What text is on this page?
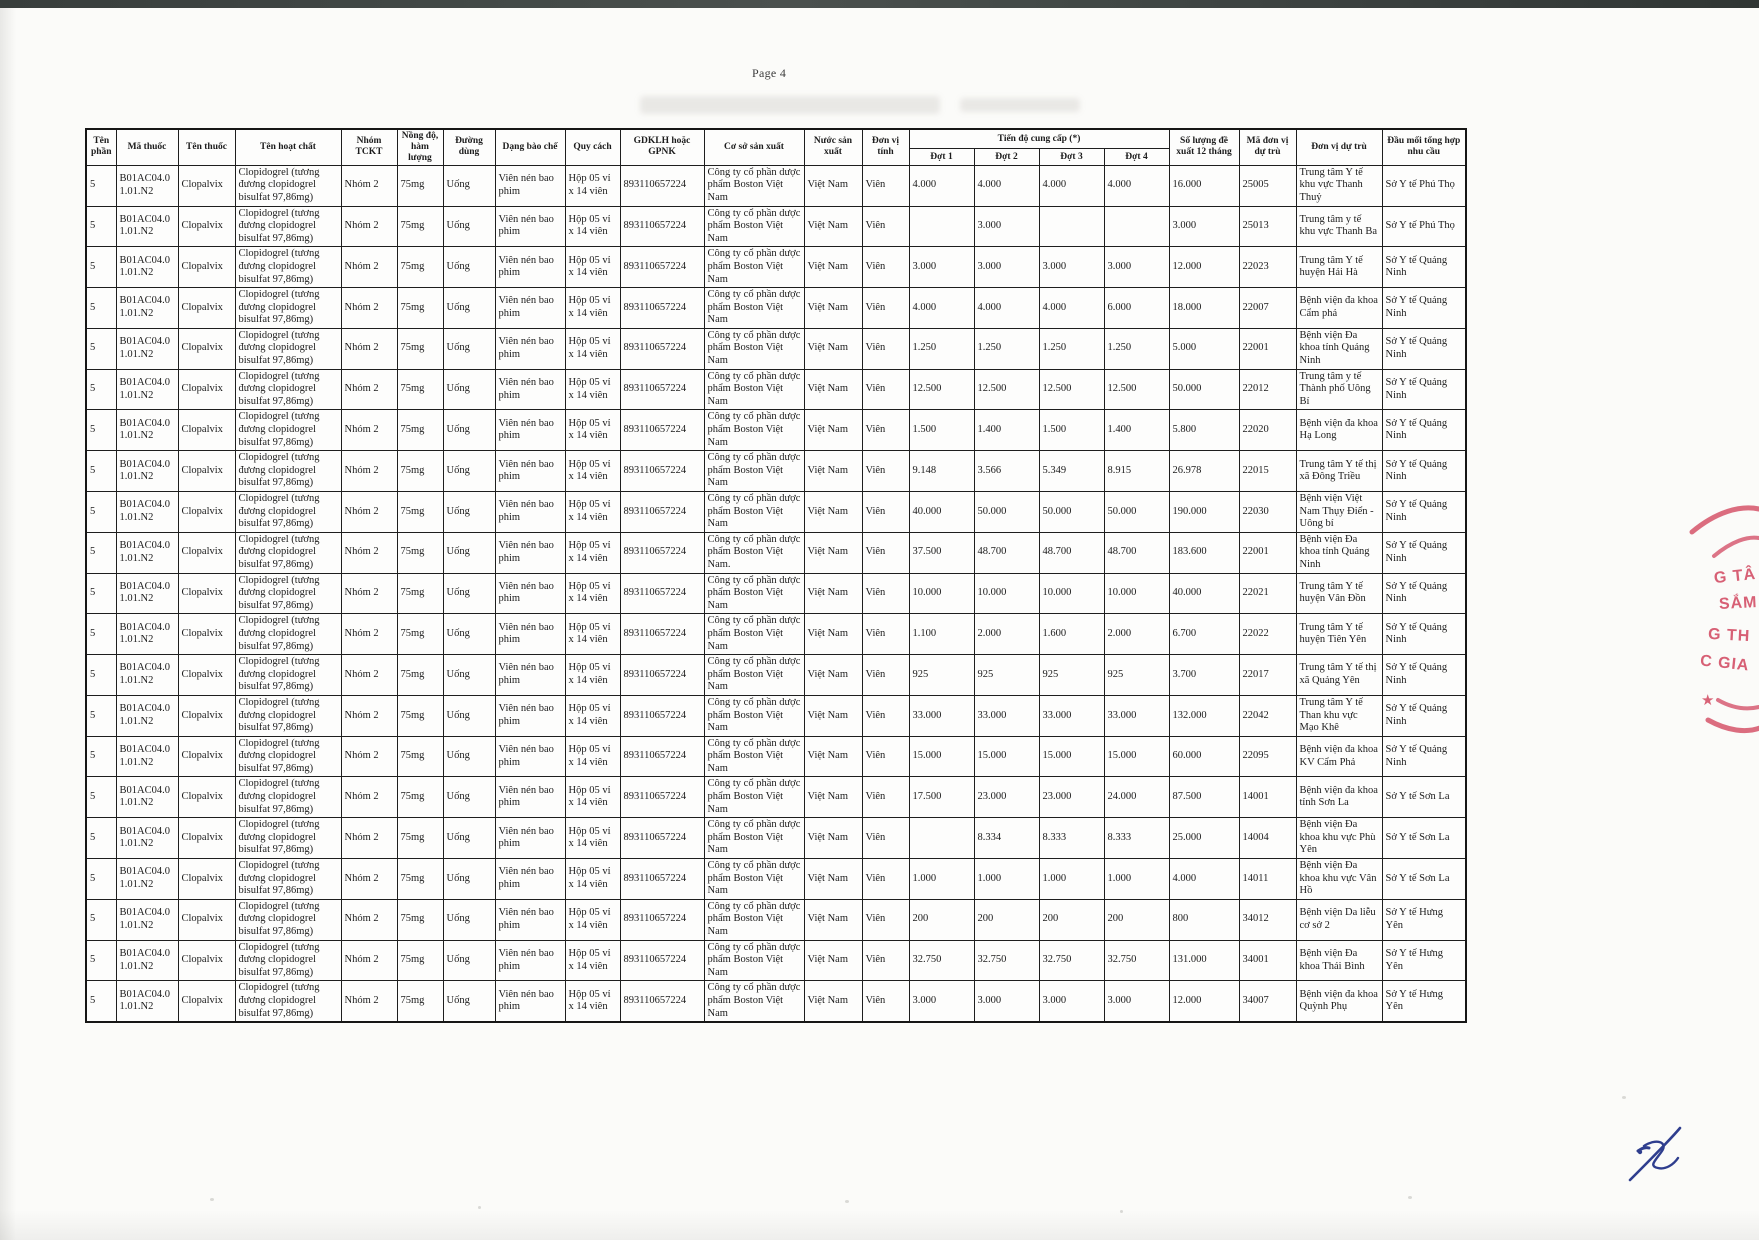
Page 4
Tên phần	Mã thuốc	Tên thuốc	Tên hoạt chất	Nhóm TCKT	Nồng độ, hàm lượng	Đường dùng	Dạng bào chế	Quy cách	GDKLH hoặc GPNK	Cơ sở sản xuất	Nước sản xuất	Đơn vị tính	Tiến độ cung cấp (*)				Số lượng đề xuất 12 tháng	Mã đơn vị dự trù	Đơn vị dự trù	Đầu mối tổng hợp nhu cầu
													Đợt 1	Đợt 2	Đợt 3	Đợt 4				
5	B01AC04.0 1.01.N2	Clopalvix	Clopidogrel (tương đương clopidogrel bisulfat 97,86mg)	Nhóm 2	75mg	Uống	Viên nén bao phim	Hộp 05 vỉ x 14 viên	893110657224	Công ty cổ phần dược phẩm Boston Việt Nam	Việt Nam	Viên	4.000	4.000	4.000	4.000	16.000	25005	Trung tâm Y tế khu vực Thanh Thuỷ	Sở Y tế Phú Thọ
5	B01AC04.0 1.01.N2	Clopalvix	Clopidogrel (tương đương clopidogrel bisulfat 97,86mg)	Nhóm 2	75mg	Uống	Viên nén bao phim	Hộp 05 vỉ x 14 viên	893110657224	Công ty cổ phần dược phẩm Boston Việt Nam	Việt Nam	Viên		3.000			3.000	25013	Trung tâm y tế khu vực Thanh Ba	Sở Y tế Phú Thọ
5	B01AC04.0 1.01.N2	Clopalvix	Clopidogrel (tương đương clopidogrel bisulfat 97,86mg)	Nhóm 2	75mg	Uống	Viên nén bao phim	Hộp 05 vỉ x 14 viên	893110657224	Công ty cổ phần dược phẩm Boston Việt Nam	Việt Nam	Viên	3.000	3.000	3.000	3.000	12.000	22023	Trung tâm Y tế huyện Hải Hà	Sở Y tế Quảng Ninh
5	B01AC04.0 1.01.N2	Clopalvix	Clopidogrel (tương đương clopidogrel bisulfat 97,86mg)	Nhóm 2	75mg	Uống	Viên nén bao phim	Hộp 05 vỉ x 14 viên	893110657224	Công ty cổ phần dược phẩm Boston Việt Nam	Việt Nam	Viên	4.000	4.000	4.000	6.000	18.000	22007	Bệnh viện đa khoa Cẩm phả	Sở Y tế Quảng Ninh
5	B01AC04.0 1.01.N2	Clopalvix	Clopidogrel (tương đương clopidogrel bisulfat 97,86mg)	Nhóm 2	75mg	Uống	Viên nén bao phim	Hộp 05 vỉ x 14 viên	893110657224	Công ty cổ phần dược phẩm Boston Việt Nam	Việt Nam	Viên	1.250	1.250	1.250	1.250	5.000	22001	Bệnh viện Đa khoa tỉnh Quảng Ninh	Sở Y tế Quảng Ninh
5	B01AC04.0 1.01.N2	Clopalvix	Clopidogrel (tương đương clopidogrel bisulfat 97,86mg)	Nhóm 2	75mg	Uống	Viên nén bao phim	Hộp 05 vỉ x 14 viên	893110657224	Công ty cổ phần dược phẩm Boston Việt Nam	Việt Nam	Viên	12.500	12.500	12.500	12.500	50.000	22012	Trung tâm y tế Thành phố Uông Bí	Sở Y tế Quảng Ninh
5	B01AC04.0 1.01.N2	Clopalvix	Clopidogrel (tương đương clopidogrel bisulfat 97,86mg)	Nhóm 2	75mg	Uống	Viên nén bao phim	Hộp 05 vỉ x 14 viên	893110657224	Công ty cổ phần dược phẩm Boston Việt Nam	Việt Nam	Viên	1.500	1.400	1.500	1.400	5.800	22020	Bệnh viện đa khoa Hạ Long	Sở Y tế Quảng Ninh
5	B01AC04.0 1.01.N2	Clopalvix	Clopidogrel (tương đương clopidogrel bisulfat 97,86mg)	Nhóm 2	75mg	Uống	Viên nén bao phim	Hộp 05 vỉ x 14 viên	893110657224	Công ty cổ phần dược phẩm Boston Việt Nam	Việt Nam	Viên	9.148	3.566	5.349	8.915	26.978	22015	Trung tâm Y tế thị xã Đông Triều	Sở Y tế Quảng Ninh
5	B01AC04.0 1.01.N2	Clopalvix	Clopidogrel (tương đương clopidogrel bisulfat 97,86mg)	Nhóm 2	75mg	Uống	Viên nén bao phim	Hộp 05 vỉ x 14 viên	893110657224	Công ty cổ phần dược phẩm Boston Việt Nam	Việt Nam	Viên	40.000	50.000	50.000	50.000	190.000	22030	Bệnh viện Việt Nam Thụy Điển - Uông bí	Sở Y tế Quảng Ninh
5	B01AC04.0 1.01.N2	Clopalvix	Clopidogrel (tương đương clopidogrel bisulfat 97,86mg)	Nhóm 2	75mg	Uống	Viên nén bao phim	Hộp 05 vỉ x 14 viên	893110657224	Công ty cổ phần dược phẩm Boston Việt Nam.	Việt Nam	Viên	37.500	48.700	48.700	48.700	183.600	22001	Bệnh viện Đa khoa tỉnh Quảng Ninh	Sở Y tế Quảng Ninh
5	B01AC04.0 1.01.N2	Clopalvix	Clopidogrel (tương đương clopidogrel bisulfat 97,86mg)	Nhóm 2	75mg	Uống	Viên nén bao phim	Hộp 05 vỉ x 14 viên	893110657224	Công ty cổ phần dược phẩm Boston Việt Nam	Việt Nam	Viên	10.000	10.000	10.000	10.000	40.000	22021	Trung tâm Y tế huyện Vân Đồn	Sở Y tế Quảng Ninh
5	B01AC04.0 1.01.N2	Clopalvix	Clopidogrel (tương đương clopidogrel bisulfat 97,86mg)	Nhóm 2	75mg	Uống	Viên nén bao phim	Hộp 05 vỉ x 14 viên	893110657224	Công ty cổ phần dược phẩm Boston Việt Nam	Việt Nam	Viên	1.100	2.000	1.600	2.000	6.700	22022	Trung tâm Y tế huyện Tiên Yên	Sở Y tế Quảng Ninh
5	B01AC04.0 1.01.N2	Clopalvix	Clopidogrel (tương đương clopidogrel bisulfat 97,86mg)	Nhóm 2	75mg	Uống	Viên nén bao phim	Hộp 05 vỉ x 14 viên	893110657224	Công ty cổ phần dược phẩm Boston Việt Nam	Việt Nam	Viên	925	925	925	925	3.700	22017	Trung tâm Y tế thị xã Quảng Yên	Sở Y tế Quảng Ninh
5	B01AC04.0 1.01.N2	Clopalvix	Clopidogrel (tương đương clopidogrel bisulfat 97,86mg)	Nhóm 2	75mg	Uống	Viên nén bao phim	Hộp 05 vỉ x 14 viên	893110657224	Công ty cổ phần dược phẩm Boston Việt Nam	Việt Nam	Viên	33.000	33.000	33.000	33.000	132.000	22042	Trung tâm Y tế Than khu vực Mạo Khê	Sở Y tế Quảng Ninh
5	B01AC04.0 1.01.N2	Clopalvix	Clopidogrel (tương đương clopidogrel bisulfat 97,86mg)	Nhóm 2	75mg	Uống	Viên nén bao phim	Hộp 05 vỉ x 14 viên	893110657224	Công ty cổ phần dược phẩm Boston Việt Nam	Việt Nam	Viên	15.000	15.000	15.000	15.000	60.000	22095	Bệnh viện đa khoa KV Cẩm Phả	Sở Y tế Quảng Ninh
5	B01AC04.0 1.01.N2	Clopalvix	Clopidogrel (tương đương clopidogrel bisulfat 97,86mg)	Nhóm 2	75mg	Uống	Viên nén bao phim	Hộp 05 vỉ x 14 viên	893110657224	Công ty cổ phần dược phẩm Boston Việt Nam	Việt Nam	Viên	17.500	23.000	23.000	24.000	87.500	14001	Bệnh viện đa khoa tỉnh Sơn La	Sở Y tế Sơn La
5	B01AC04.0 1.01.N2	Clopalvix	Clopidogrel (tương đương clopidogrel bisulfat 97,86mg)	Nhóm 2	75mg	Uống	Viên nén bao phim	Hộp 05 vỉ x 14 viên	893110657224	Công ty cổ phần dược phẩm Boston Việt Nam	Việt Nam	Viên		8.334	8.333	8.333	25.000	14004	Bệnh viện Đa khoa khu vực Phù Yên	Sở Y tế Sơn La
5	B01AC04.0 1.01.N2	Clopalvix	Clopidogrel (tương đương clopidogrel bisulfat 97,86mg)	Nhóm 2	75mg	Uống	Viên nén bao phim	Hộp 05 vỉ x 14 viên	893110657224	Công ty cổ phần dược phẩm Boston Việt Nam	Việt Nam	Viên	1.000	1.000	1.000	1.000	4.000	14011	Bệnh viện Đa khoa khu vực Vân Hồ	Sở Y tế Sơn La
5	B01AC04.0 1.01.N2	Clopalvix	Clopidogrel (tương đương clopidogrel bisulfat 97,86mg)	Nhóm 2	75mg	Uống	Viên nén bao phim	Hộp 05 vỉ x 14 viên	893110657224	Công ty cổ phần dược phẩm Boston Việt Nam	Việt Nam	Viên	200	200	200	200	800	34012	Bệnh viện Da liễu cơ sở 2	Sở Y tế Hưng Yên
5	B01AC04.0 1.01.N2	Clopalvix	Clopidogrel (tương đương clopidogrel bisulfat 97,86mg)	Nhóm 2	75mg	Uống	Viên nén bao phim	Hộp 05 vỉ x 14 viên	893110657224	Công ty cổ phần dược phẩm Boston Việt Nam	Việt Nam	Viên	32.750	32.750	32.750	32.750	131.000	34001	Bệnh viện Đa khoa Thái Bình	Sở Y tế Hưng Yên
5	B01AC04.0 1.01.N2	Clopalvix	Clopidogrel (tương đương clopidogrel bisulfat 97,86mg)	Nhóm 2	75mg	Uống	Viên nén bao phim	Hộp 05 vỉ x 14 viên	893110657224	Công ty cổ phần dược phẩm Boston Việt Nam	Việt Nam	Viên	3.000	3.000	3.000	3.000	12.000	34007	Bệnh viện đa khoa Quỳnh Phụ	Sở Y tế Hưng Yên
G TÂ
SẮM
G TH
C GIA
★
